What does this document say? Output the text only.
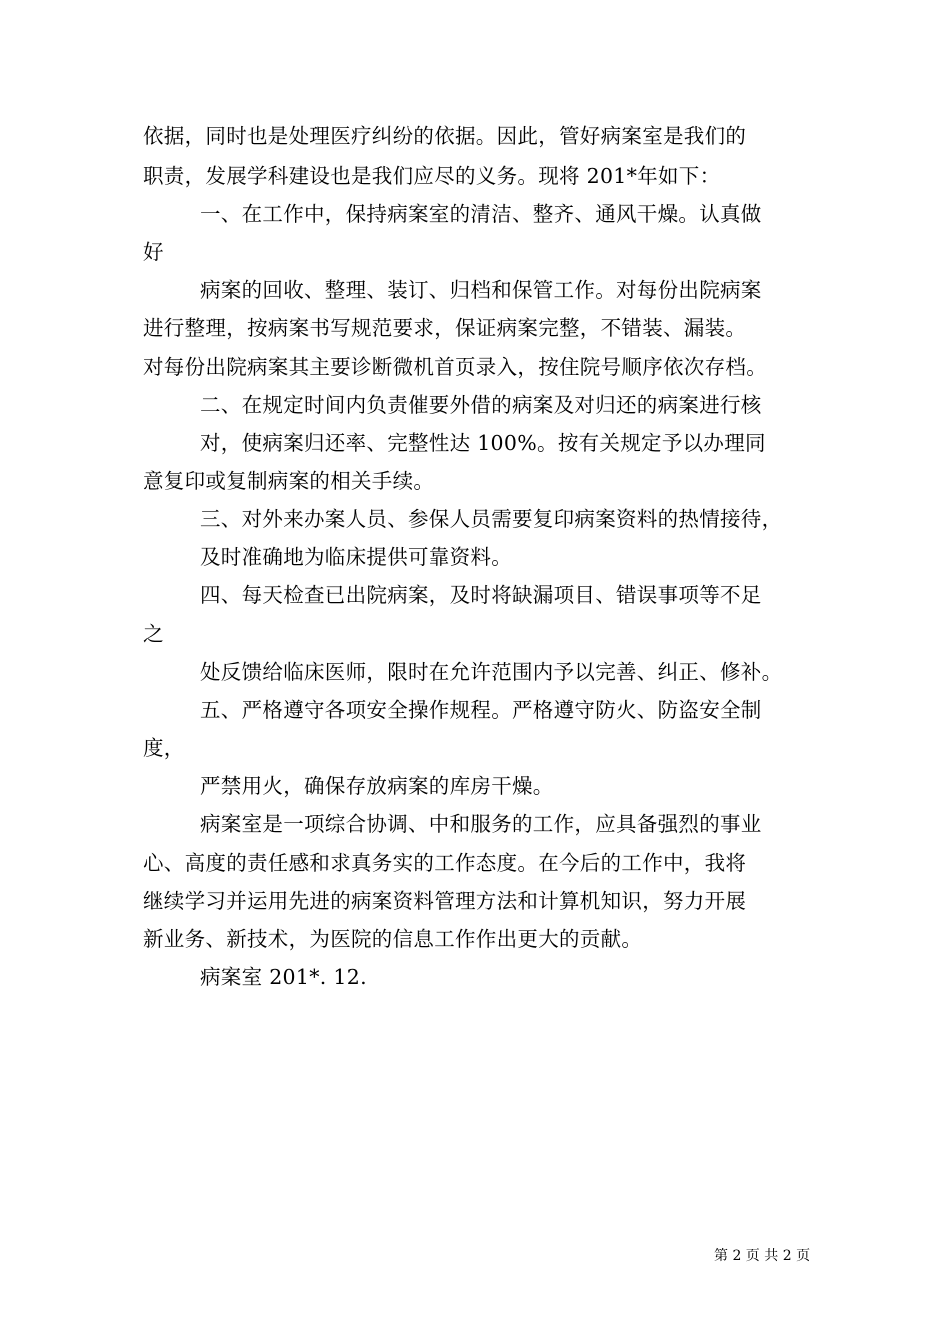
依据，同时也是处理医疗纠纷的依据。因此，管好病案室是我们的
职责，发展学科建设也是我们应尽的义务。现将 201*年如下：
一、在工作中，保持病案室的清洁、整齐、通风干燥。认真做
好
病案的回收、整理、装订、归档和保管工作。对每份出院病案
进行整理，按病案书写规范要求，保证病案完整，不错装、漏装。
对每份出院病案其主要诊断微机首页录入，按住院号顺序依次存档。
二、在规定时间内负责催要外借的病案及对归还的病案进行核
对，使病案归还率、完整性达 100%。按有关规定予以办理同
意复印或复制病案的相关手续。
三、对外来办案人员、参保人员需要复印病案资料的热情接待，
及时准确地为临床提供可靠资料。
四、每天检查已出院病案，及时将缺漏项目、错误事项等不足
之
处反馈给临床医师，限时在允许范围内予以完善、纠正、修补。
五、严格遵守各项安全操作规程。严格遵守防火、防盗安全制
度，
严禁用火，确保存放病案的库房干燥。
病案室是一项综合协调、中和服务的工作，应具备强烈的事业
心、高度的责任感和求真务实的工作态度。在今后的工作中，我将
继续学习并运用先进的病案资料管理方法和计算机知识，努力开展
新业务、新技术，为医院的信息工作作出更大的贡献。
病案室 201*. 12.
第 2 页 共 2 页
